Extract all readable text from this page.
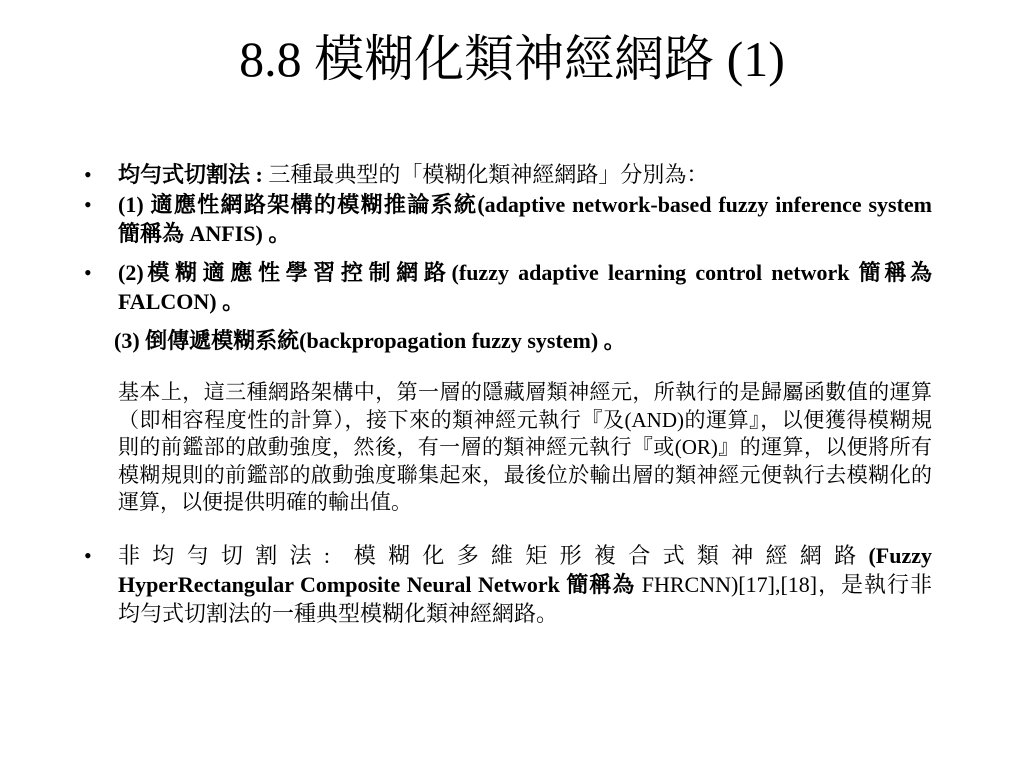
8.8 模糊化類神經網路 (1)
• 均勻式切割法 : 三種最典型的「模糊化類神經網路」分別為：
• (1) 適應性網路架構的模糊推論系統(adaptive network-based fuzzy inference system 簡稱為 ANFIS) 。
• (2)模糊適應性學習控制網路(fuzzy adaptive learning control network 簡稱為 FALCON) 。
(3) 倒傳遞模糊系統(backpropagation fuzzy system) 。
基本上，這三種網路架構中，第一層的隱藏層類神經元，所執行的是歸屬函數值的運算（即相容程度性的計算），接下來的類神經元執行『及(AND)的運算』，以便獲得模糊規則的前鑑部的啟動強度，然後，有一層的類神經元執行『或(OR)』的運算，以便將所有模糊規則的前鑑部的啟動強度聯集起來，最後位於輸出層的類神經元便執行去模糊化的運算，以便提供明確的輸出值。
• 非均勻切割法: 模糊化多維矩形複合式類神經網路(Fuzzy HyperRectangular Composite Neural Network 簡稱為 FHRCNN)[17],[18]，是執行非均勻式切割法的一種典型模糊化類神經網路。
